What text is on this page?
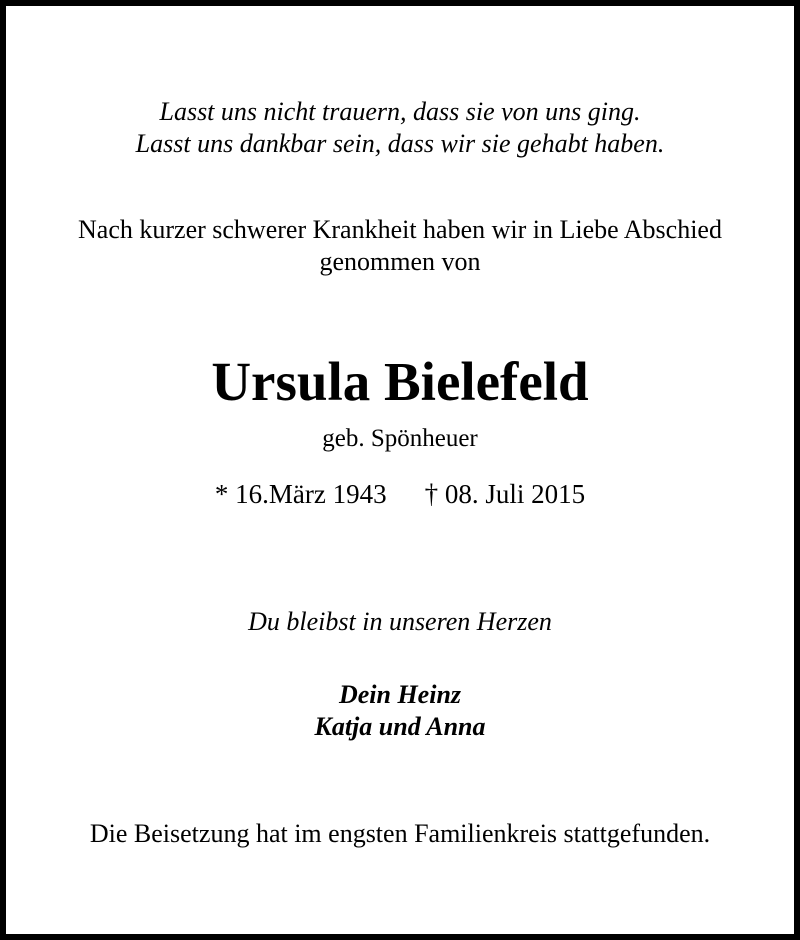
Lasst uns nicht trauern, dass sie von uns ging.
Lasst uns dankbar sein, dass wir sie gehabt haben.
Nach kurzer schwerer Krankheit haben wir in Liebe Abschied
genommen von
Ursula Bielefeld
geb. Spönheuer
* 16.März 1943 † 08. Juli 2015
Du bleibst in unseren Herzen
Dein Heinz
Katja und Anna
Die Beisetzung hat im engsten Familienkreis stattgefunden.
